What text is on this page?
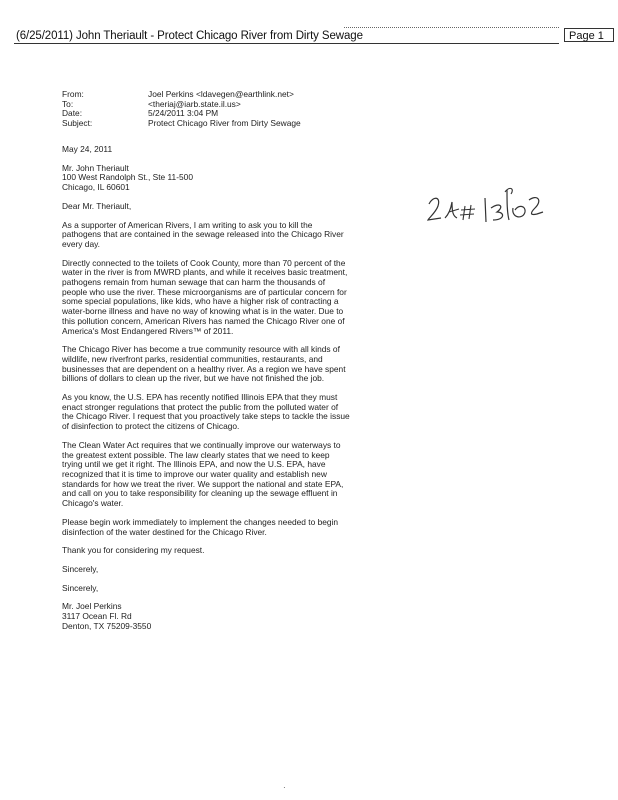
(6/25/2011) John Theriault - Protect Chicago River from Dirty Sewage	Page 1
From:	Joel Perkins <ldavegen@earthlink.net>
To:	<theriaj@iarb.state.il.us>
Date:	5/24/2011 3:04 PM
Subject:	Protect Chicago River from Dirty Sewage

May 24, 2011

Mr. John Theriault
100 West Randolph St., Ste 11-500
Chicago, IL 60601

Dear Mr. Theriault,

As a supporter of American Rivers, I am writing to ask you to kill the pathogens that are contained in the sewage released into the Chicago River every day.

Directly connected to the toilets of Cook County, more than 70 percent of the water in the river is from MWRD plants, and while it receives basic treatment, pathogens remain from human sewage that can harm the thousands of people who use the river. These microorganisms are of particular concern for some special populations, like kids, who have a higher risk of contracting a water-borne illness and have no way of knowing what is in the water. Due to this pollution concern, American Rivers has named the Chicago River one of America's Most Endangered Rivers™ of 2011.

The Chicago River has become a true community resource with all kinds of wildlife, new riverfront parks, residential communities, restaurants, and businesses that are dependent on a healthy river. As a region we have spent billions of dollars to clean up the river, but we have not finished the job.

As you know, the U.S. EPA has recently notified Illinois EPA that they must enact stronger regulations that protect the public from the polluted water of the Chicago River. I request that you proactively take steps to tackle the issue of disinfection to protect the citizens of Chicago.

The Clean Water Act requires that we continually improve our waterways to the greatest extent possible. The law clearly states that we need to keep trying until we get it right. The Illinois EPA, and now the U.S. EPA, have recognized that it is time to improve our water quality and establish new standards for how we treat the river. We support the national and state EPA, and call on you to take responsibility for cleaning up the sewage effluent in Chicago's water.

Please begin work immediately to implement the changes needed to begin disinfection of the water destined for the Chicago River.

Thank you for considering my request.

Sincerely,

Sincerely,

Mr. Joel Perkins
3117 Ocean Fl. Rd
Denton, TX 75209-3550

·
